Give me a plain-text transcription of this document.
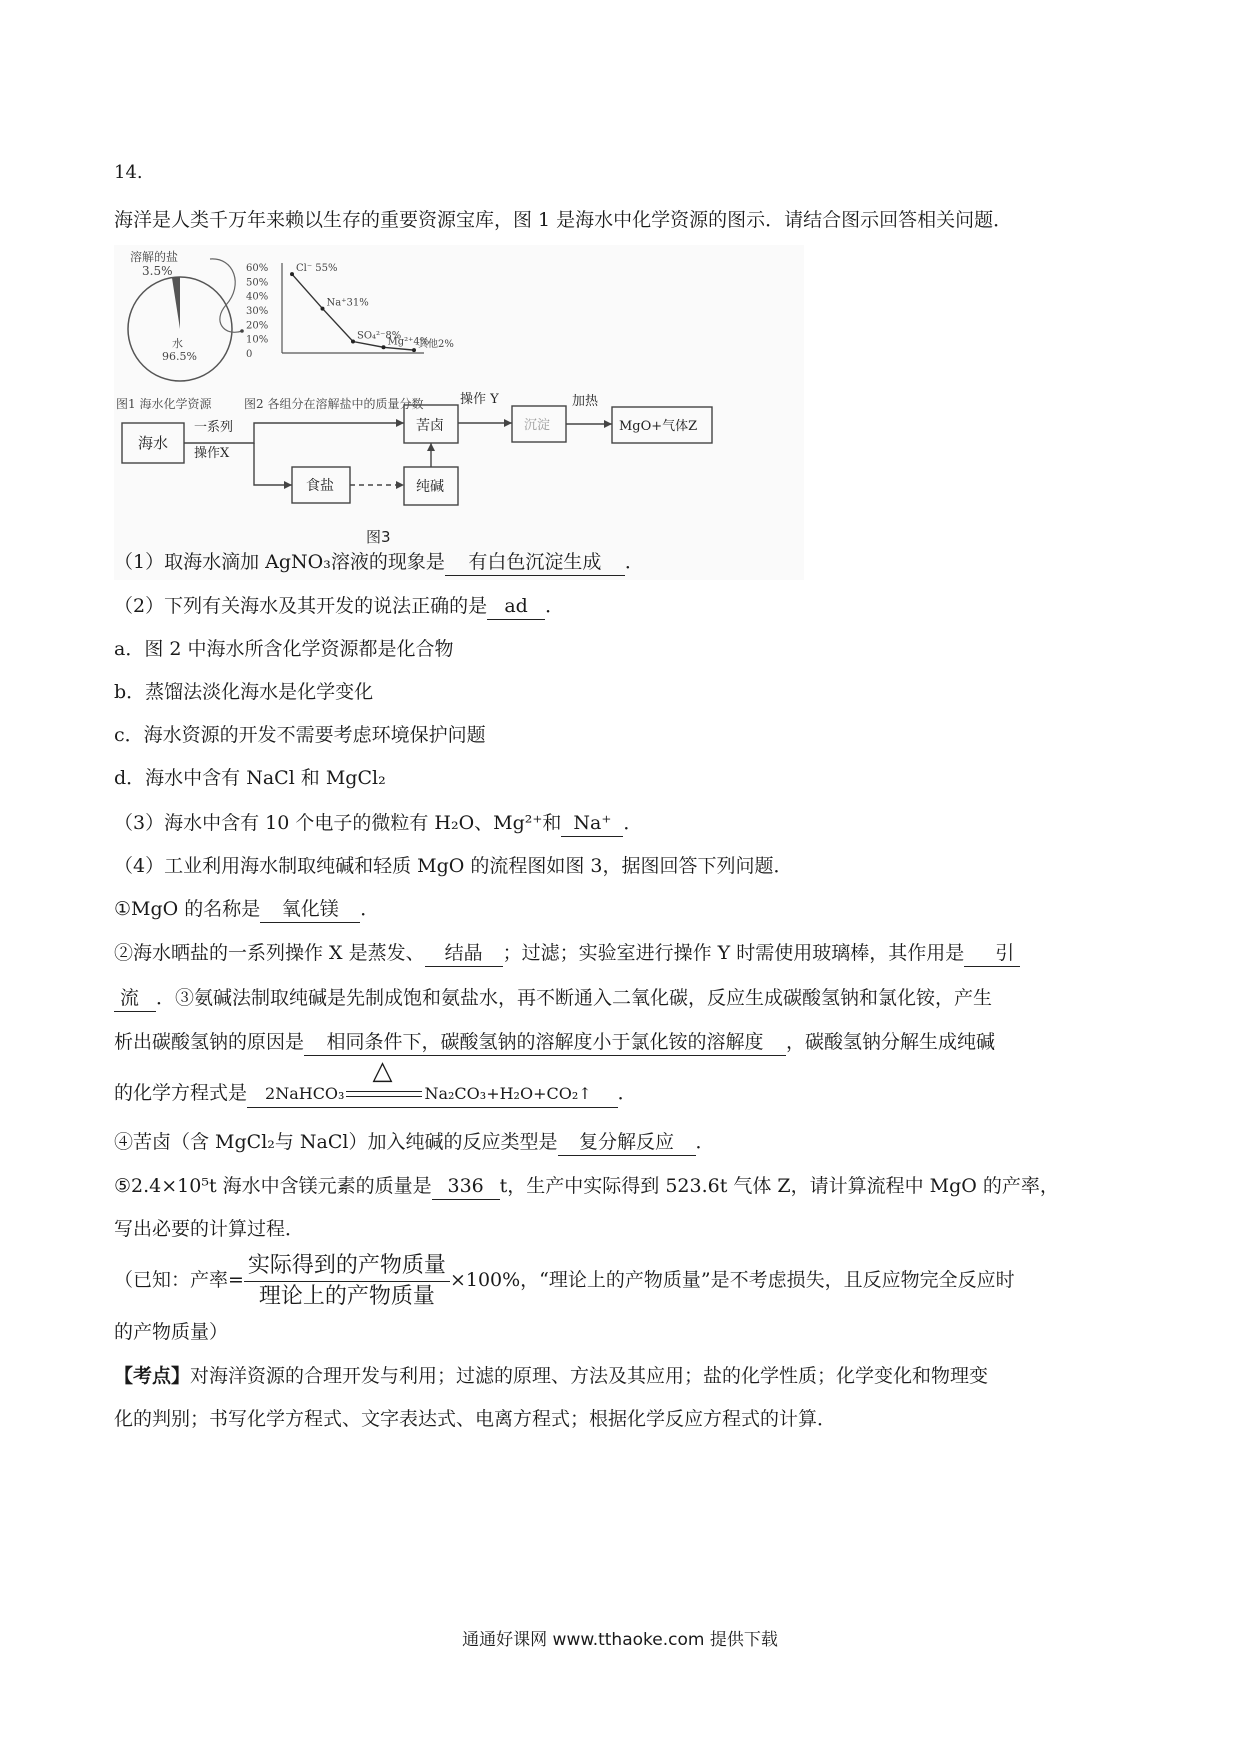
14.
海洋是人类千万年来赖以生存的重要资源宝库，图 1 是海水中化学资源的图示．请结合图示回答相关问题．
溶解的盐
3.5%
水
96.5%
图1 海水化学资源
60%
50%
40%
30%
20%
10%
0
Cl⁻ 55%
Na⁺31%
SO₄²⁻8%
Mg²⁺4%
其他2%
图2 各组分在溶解盐中的质量分数
海水
一系列
操作X
苦卤
操作 Y
沉淀
加热
MgO+气体Z
食盐	纯碱
图3
（1）取海水滴加 AgNO₃溶液的现象是 有白色沉淀生成 ．
（2）下列有关海水及其开发的说法正确的是 ad ．
a．图 2 中海水所含化学资源都是化合物
b．蒸馏法淡化海水是化学变化
c．海水资源的开发不需要考虑环境保护问题
d．海水中含有 NaCl 和 MgCl₂
（3）海水中含有 10 个电子的微粒有 H₂O、Mg²⁺和 Na⁺ ．
（4）工业利用海水制取纯碱和轻质 MgO 的流程图如图 3，据图回答下列问题．
①MgO 的名称是 氧化镁 ．
②海水晒盐的一系列操作 X 是蒸发、 结晶 ；过滤；实验室进行操作 Y 时需使用玻璃棒，其作用是 引
流 ．③氨碱法制取纯碱是先制成饱和氨盐水，再不断通入二氧化碳，反应生成碳酸氢钠和氯化铵，产生
析出碳酸氢钠的原因是 相同条件下，碳酸氢钠的溶解度小于氯化铵的溶解度 ，碳酸氢钠分解生成纯碱
的化学方程式是 2NaHCO₃
△
Na₂CO₃+H₂O+CO₂↑ ．
④苦卤（含 MgCl₂与 NaCl）加入纯碱的反应类型是 复分解反应 ．
⑤2.4×10⁵t 海水中含镁元素的质量是 336 t，生产中实际得到 523.6t 气体 Z，请计算流程中 MgO 的产率，
写出必要的计算过程．
（已知：产率= $\frac{\text{实际得到的产物质量}}{\text{理论上的产物质量}} \times 100\%$，“理论上的产物质量”是不考虑损失，且反应物完全反应时
的产物质量）
【考点】对海洋资源的合理开发与利用；过滤的原理、方法及其应用；盐的化学性质；化学变化和物理变
化的判别；书写化学方程式、文字表达式、电离方程式；根据化学反应方程式的计算．
通通好课网 www.tthaoke.com 提供下载
